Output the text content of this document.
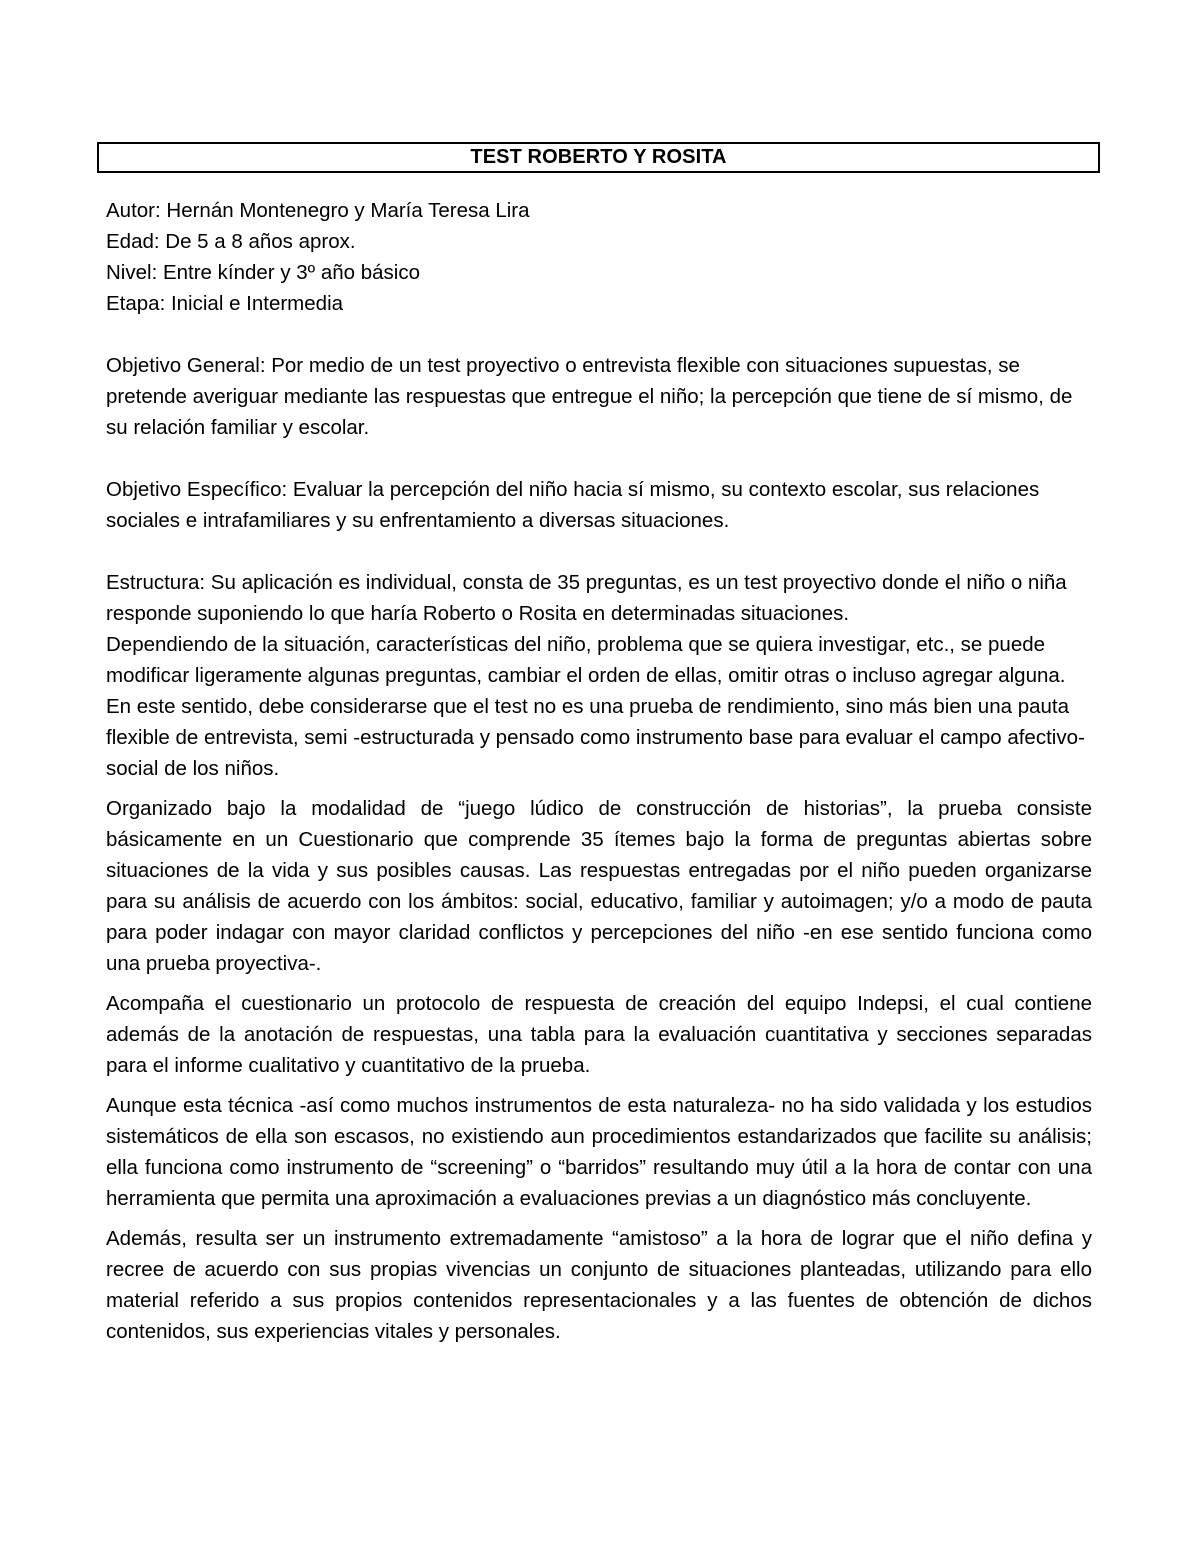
TEST ROBERTO Y ROSITA
Autor: Hernán Montenegro y María Teresa Lira
Edad: De 5 a 8 años aprox.
Nivel: Entre kínder y 3º año básico
Etapa: Inicial e Intermedia

Objetivo General: Por medio de un test proyectivo o entrevista flexible con situaciones supuestas, se pretende averiguar mediante las respuestas que entregue el niño; la percepción que tiene de sí mismo, de su relación familiar y escolar.

Objetivo Específico: Evaluar la percepción del niño hacia sí mismo, su contexto escolar, sus relaciones sociales e intrafamiliares y su enfrentamiento a diversas situaciones.

Estructura: Su aplicación es individual, consta de 35 preguntas, es un test proyectivo donde el niño o niña responde suponiendo lo que haría Roberto o Rosita en determinadas situaciones.

Dependiendo de la situación, características del niño, problema que se quiera investigar, etc., se puede modificar ligeramente algunas preguntas, cambiar el orden de ellas, omitir otras o incluso agregar alguna. En este sentido, debe considerarse que el test no es una prueba de rendimiento, sino más bien una pauta flexible de entrevista, semi -estructurada y pensado como instrumento base para evaluar el campo afectivo-social de los niños.

Organizado bajo la modalidad de “juego lúdico de construcción de historias”, la prueba consiste básicamente en un Cuestionario que comprende 35 ítemes bajo la forma de preguntas abiertas sobre situaciones de la vida y sus posibles causas. Las respuestas entregadas por el niño pueden organizarse para su análisis de acuerdo con los ámbitos: social, educativo, familiar y autoimagen; y/o a modo de pauta para poder indagar con mayor claridad conflictos y percepciones del niño -en ese sentido funciona como una prueba proyectiva-.

Acompaña el cuestionario un protocolo de respuesta de creación del equipo Indepsi, el cual contiene además de la anotación de respuestas, una tabla para la evaluación cuantitativa y secciones separadas para el informe cualitativo y cuantitativo de la prueba.

Aunque esta técnica -así como muchos instrumentos de esta naturaleza- no ha sido validada y los estudios sistemáticos de ella son escasos, no existiendo aun procedimientos estandarizados que facilite su análisis; ella funciona como instrumento de “screening” o “barridos” resultando muy útil a la hora de contar con una herramienta que permita una aproximación a evaluaciones previas a un diagnóstico más concluyente.

Además, resulta ser un instrumento extremadamente “amistoso” a la hora de lograr que el niño defina y recree de acuerdo con sus propias vivencias un conjunto de situaciones planteadas, utilizando para ello material referido a sus propios contenidos representacionales y a las fuentes de obtención de dichos contenidos, sus experiencias vitales y personales.
